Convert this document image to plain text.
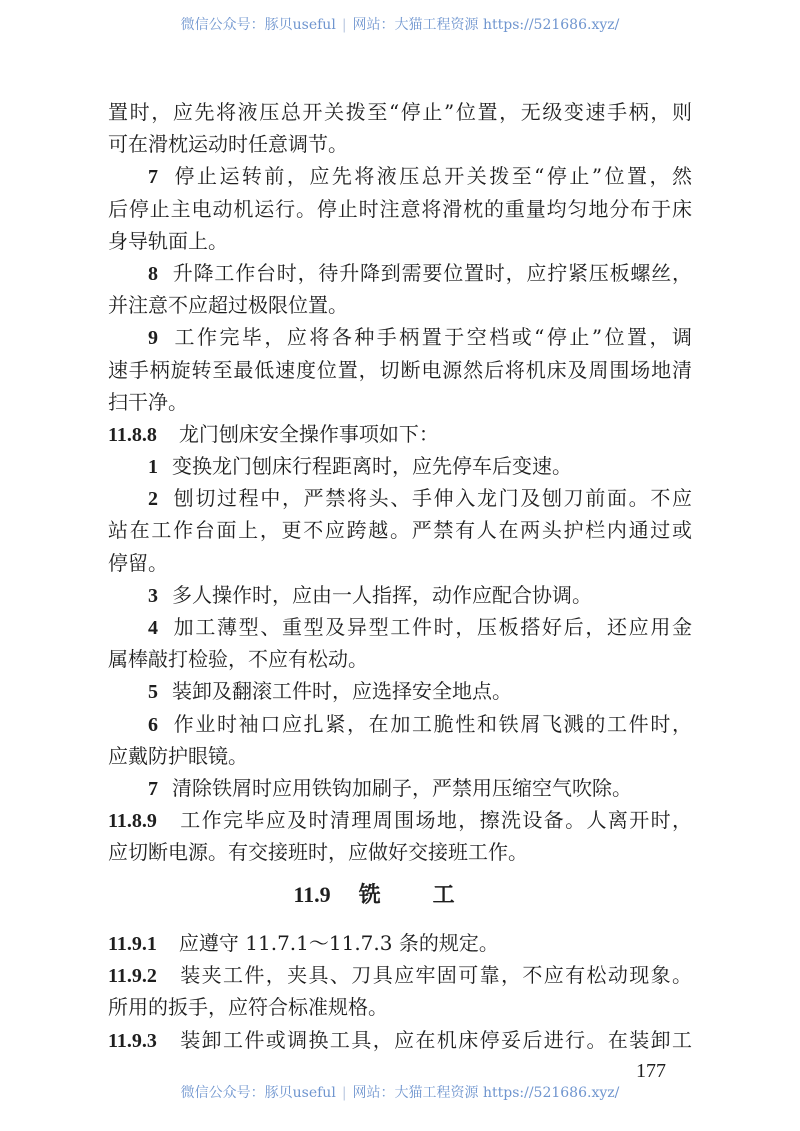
微信公众号：豚贝useful | 网站：大猫工程资源 https://521686.xyz/
置时，应先将液压总开关拨至“停止”位置，无级变速手柄，则
可在滑枕运动时任意调节。
7 停止运转前，应先将液压总开关拨至“停止”位置，然
后停止主电动机运行。停止时注意将滑枕的重量均匀地分布于床
身导轨面上。
8 升降工作台时，待升降到需要位置时，应拧紧压板螺丝，
并注意不应超过极限位置。
9 工作完毕，应将各种手柄置于空档或“停止”位置，调
速手柄旋转至最低速度位置，切断电源然后将机床及周围场地清
扫干净。
11.8.8 龙门刨床安全操作事项如下：
1 变换龙门刨床行程距离时，应先停车后变速。
2 刨切过程中，严禁将头、手伸入龙门及刨刀前面。不应
站在工作台面上，更不应跨越。严禁有人在两头护栏内通过或
停留。
3 多人操作时，应由一人指挥，动作应配合协调。
4 加工薄型、重型及异型工件时，压板搭好后，还应用金
属棒敲打检验，不应有松动。
5 装卸及翻滚工件时，应选择安全地点。
6 作业时袖口应扎紧，在加工脆性和铁屑飞溅的工件时，
应戴防护眼镜。
7 清除铁屑时应用铁钩加刷子，严禁用压缩空气吹除。
11.8.9 工作完毕应及时清理周围场地，擦洗设备。人离开时，
应切断电源。有交接班时，应做好交接班工作。
11.9 铣工
11.9.1 应遵守 11.7.1～11.7.3 条的规定。
11.9.2 装夹工件，夹具、刀具应牢固可靠，不应有松动现象。
所用的扳手，应符合标准规格。
11.9.3 装卸工件或调换工具，应在机床停妥后进行。在装卸工
177
微信公众号：豚贝useful | 网站：大猫工程资源 https://521686.xyz/
